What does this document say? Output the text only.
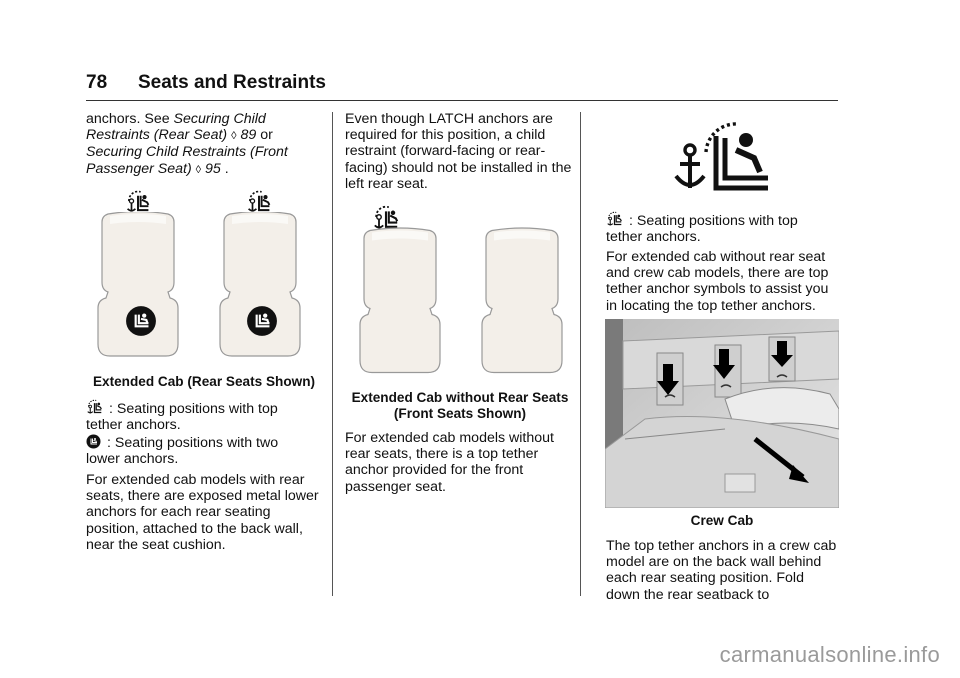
78 Seats and Restraints

anchors. See Securing Child Restraints (Rear Seat) ◊ 89 or Securing Child Restraints (Front Passenger Seat) ◊ 95 .

Extended Cab (Rear Seats Shown)

: Seating positions with top tether anchors.

: Seating positions with two lower anchors.

For extended cab models with rear seats, there are exposed metal lower anchors for each rear seating position, attached to the back wall, near the seat cushion.

Even though LATCH anchors are required for this position, a child restraint (forward-facing or rear-facing) should not be installed in the left rear seat.

Extended Cab without Rear Seats
(Front Seats Shown)

For extended cab models without rear seats, there is a top tether anchor provided for the front passenger seat.

: Seating positions with top tether anchors.

For extended cab without rear seat and crew cab models, there are top tether anchor symbols to assist you in locating the top tether anchors.

Crew Cab

The top tether anchors in a crew cab model are on the back wall behind each rear seating position. Fold down the rear seatback to

carmanualsonline.info
